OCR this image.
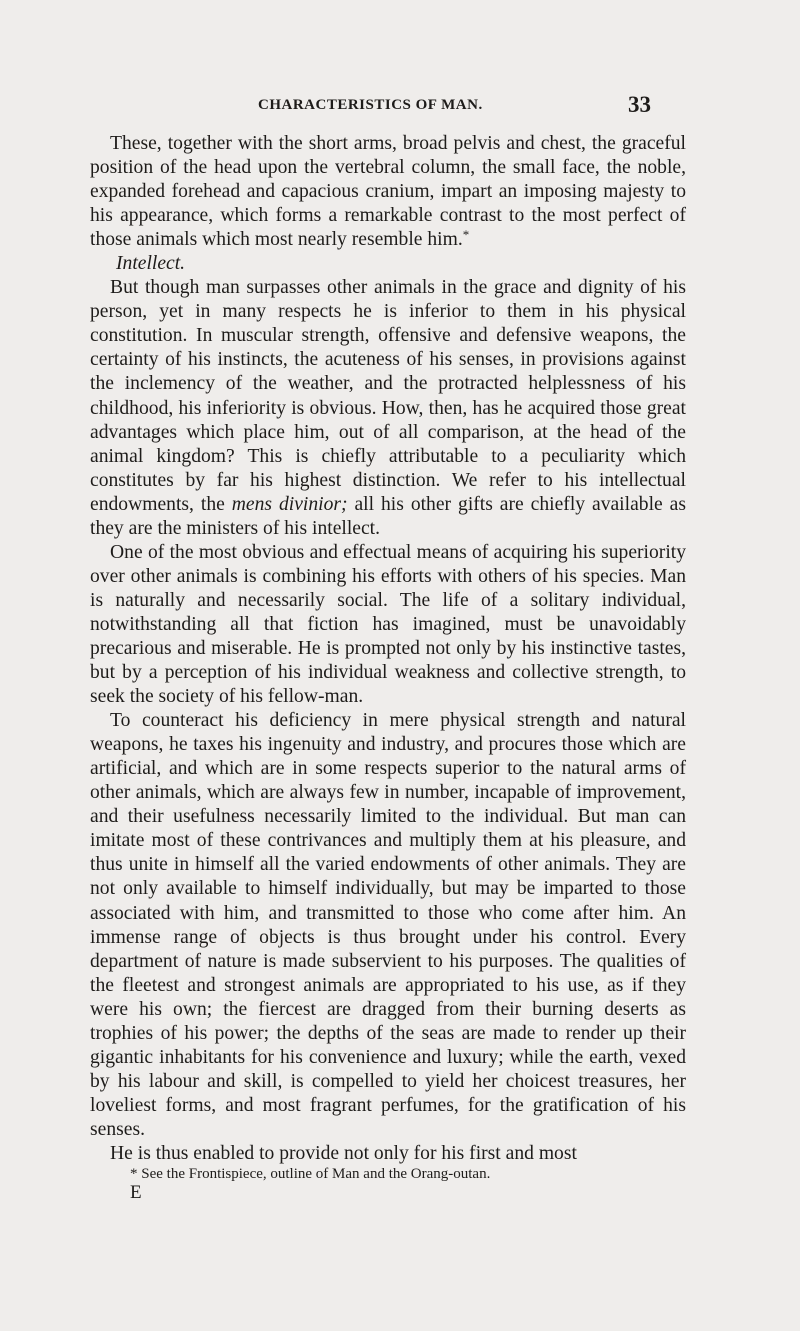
CHARACTERISTICS OF MAN.	33

These, together with the short arms, broad pelvis and chest, the graceful position of the head upon the vertebral column, the small face, the noble, expanded forehead and capacious cranium, impart an imposing majesty to his appearance, which forms a remarkable contrast to the most perfect of those animals which most nearly resemble him.*

Intellect.

But though man surpasses other animals in the grace and dignity of his person, yet in many respects he is inferior to them in his physical constitution. In muscular strength, offensive and defensive weapons, the certainty of his instincts, the acuteness of his senses, in provisions against the inclemency of the weather, and the protracted helplessness of his childhood, his inferiority is obvious. How, then, has he acquired those great advantages which place him, out of all comparison, at the head of the animal kingdom? This is chiefly attributable to a peculiarity which constitutes by far his highest distinction. We refer to his intellectual endowments, the mens divinior; all his other gifts are chiefly available as they are the ministers of his intellect.

One of the most obvious and effectual means of acquiring his superiority over other animals is combining his efforts with others of his species. Man is naturally and necessarily social. The life of a solitary individual, notwithstanding all that fiction has imagined, must be unavoidably precarious and miserable. He is prompted not only by his instinctive tastes, but by a perception of his individual weakness and collective strength, to seek the society of his fellow-man.

To counteract his deficiency in mere physical strength and natural weapons, he taxes his ingenuity and industry, and procures those which are artificial, and which are in some respects superior to the natural arms of other animals, which are always few in number, incapable of improvement, and their usefulness necessarily limited to the individual. But man can imitate most of these contrivances and multiply them at his pleasure, and thus unite in himself all the varied endowments of other animals. They are not only available to himself individually, but may be imparted to those associated with him, and transmitted to those who come after him. An immense range of objects is thus brought under his control. Every department of nature is made subservient to his purposes. The qualities of the fleetest and strongest animals are appropriated to his use, as if they were his own; the fiercest are dragged from their burning deserts as trophies of his power; the depths of the seas are made to render up their gigantic inhabitants for his convenience and luxury; while the earth, vexed by his labour and skill, is compelled to yield her choicest treasures, her loveliest forms, and most fragrant perfumes, for the gratification of his senses.

He is thus enabled to provide not only for his first and most

* See the Frontispiece, outline of Man and the Orang-outan.

E
